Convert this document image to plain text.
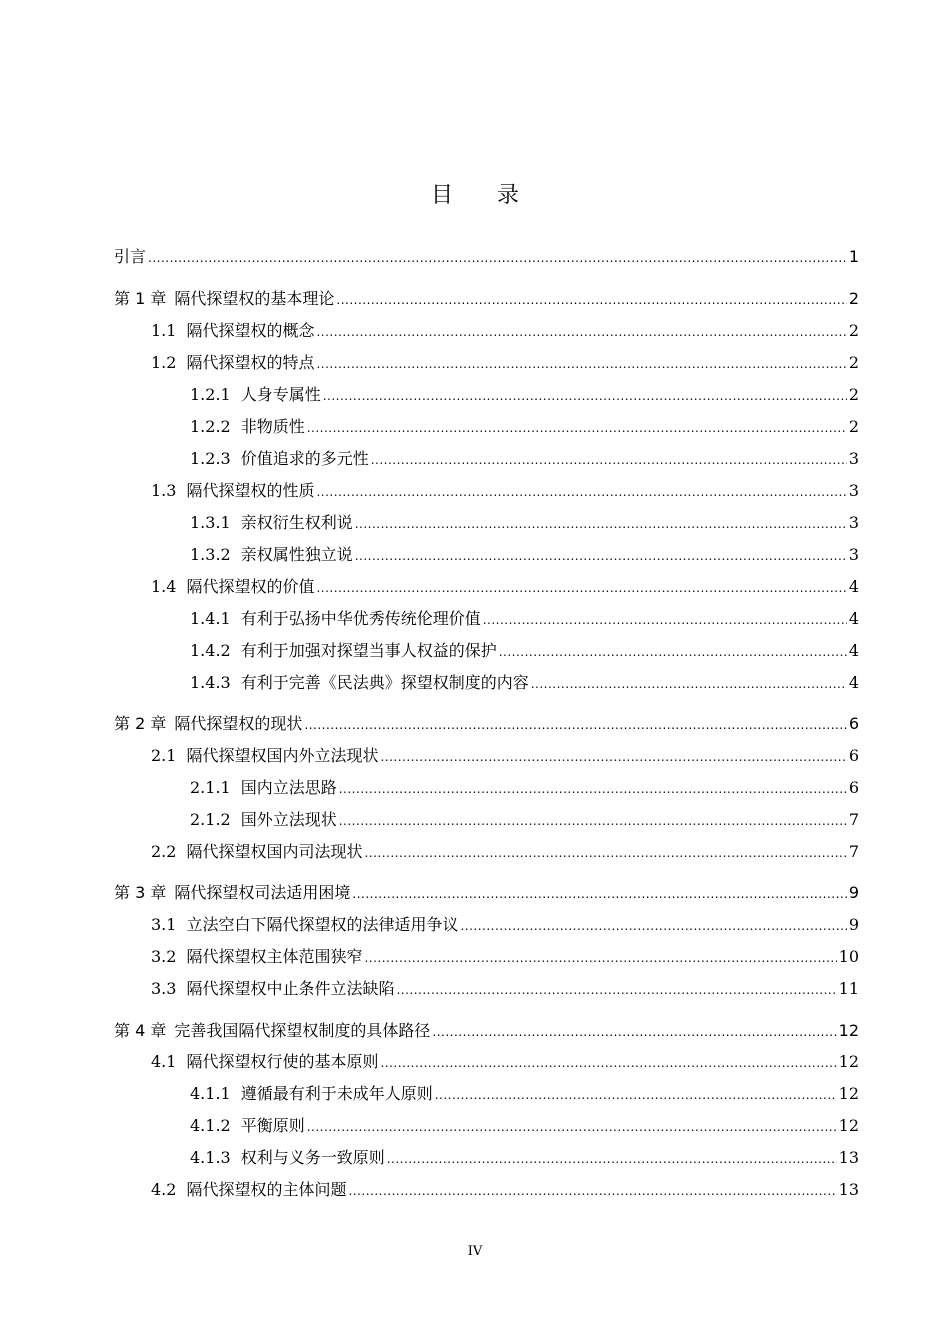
目　　录
引言 .....	1
第 1 章 隔代探望权的基本理论 .....	2
1.1 隔代探望权的概念 .....	2
1.2 隔代探望权的特点 .....	2
1.2.1 人身专属性 .....	2
1.2.2 非物质性 .....	2
1.2.3 价值追求的多元性 .....	3
1.3 隔代探望权的性质 .....	3
1.3.1 亲权衍生权利说 .....	3
1.3.2 亲权属性独立说 .....	3
1.4 隔代探望权的价值 .....	4
1.4.1 有利于弘扬中华优秀传统伦理价值 .....	4
1.4.2 有利于加强对探望当事人权益的保护 .....	4
1.4.3 有利于完善《民法典》探望权制度的内容 .....	4
第 2 章 隔代探望权的现状 .....	6
2.1 隔代探望权国内外立法现状 .....	6
2.1.1 国内立法思路 .....	6
2.1.2 国外立法现状 .....	7
2.2 隔代探望权国内司法现状 .....	7
第 3 章 隔代探望权司法适用困境 .....	9
3.1 立法空白下隔代探望权的法律适用争议 .....	9
3.2 隔代探望权主体范围狭窄 .....	10
3.3 隔代探望权中止条件立法缺陷 .....	11
第 4 章 完善我国隔代探望权制度的具体路径 .....	12
4.1 隔代探望权行使的基本原则 .....	12
4.1.1 遵循最有利于未成年人原则 .....	12
4.1.2 平衡原则 .....	12
4.1.3 权利与义务一致原则 .....	13
4.2 隔代探望权的主体问题 .....	13
IV
